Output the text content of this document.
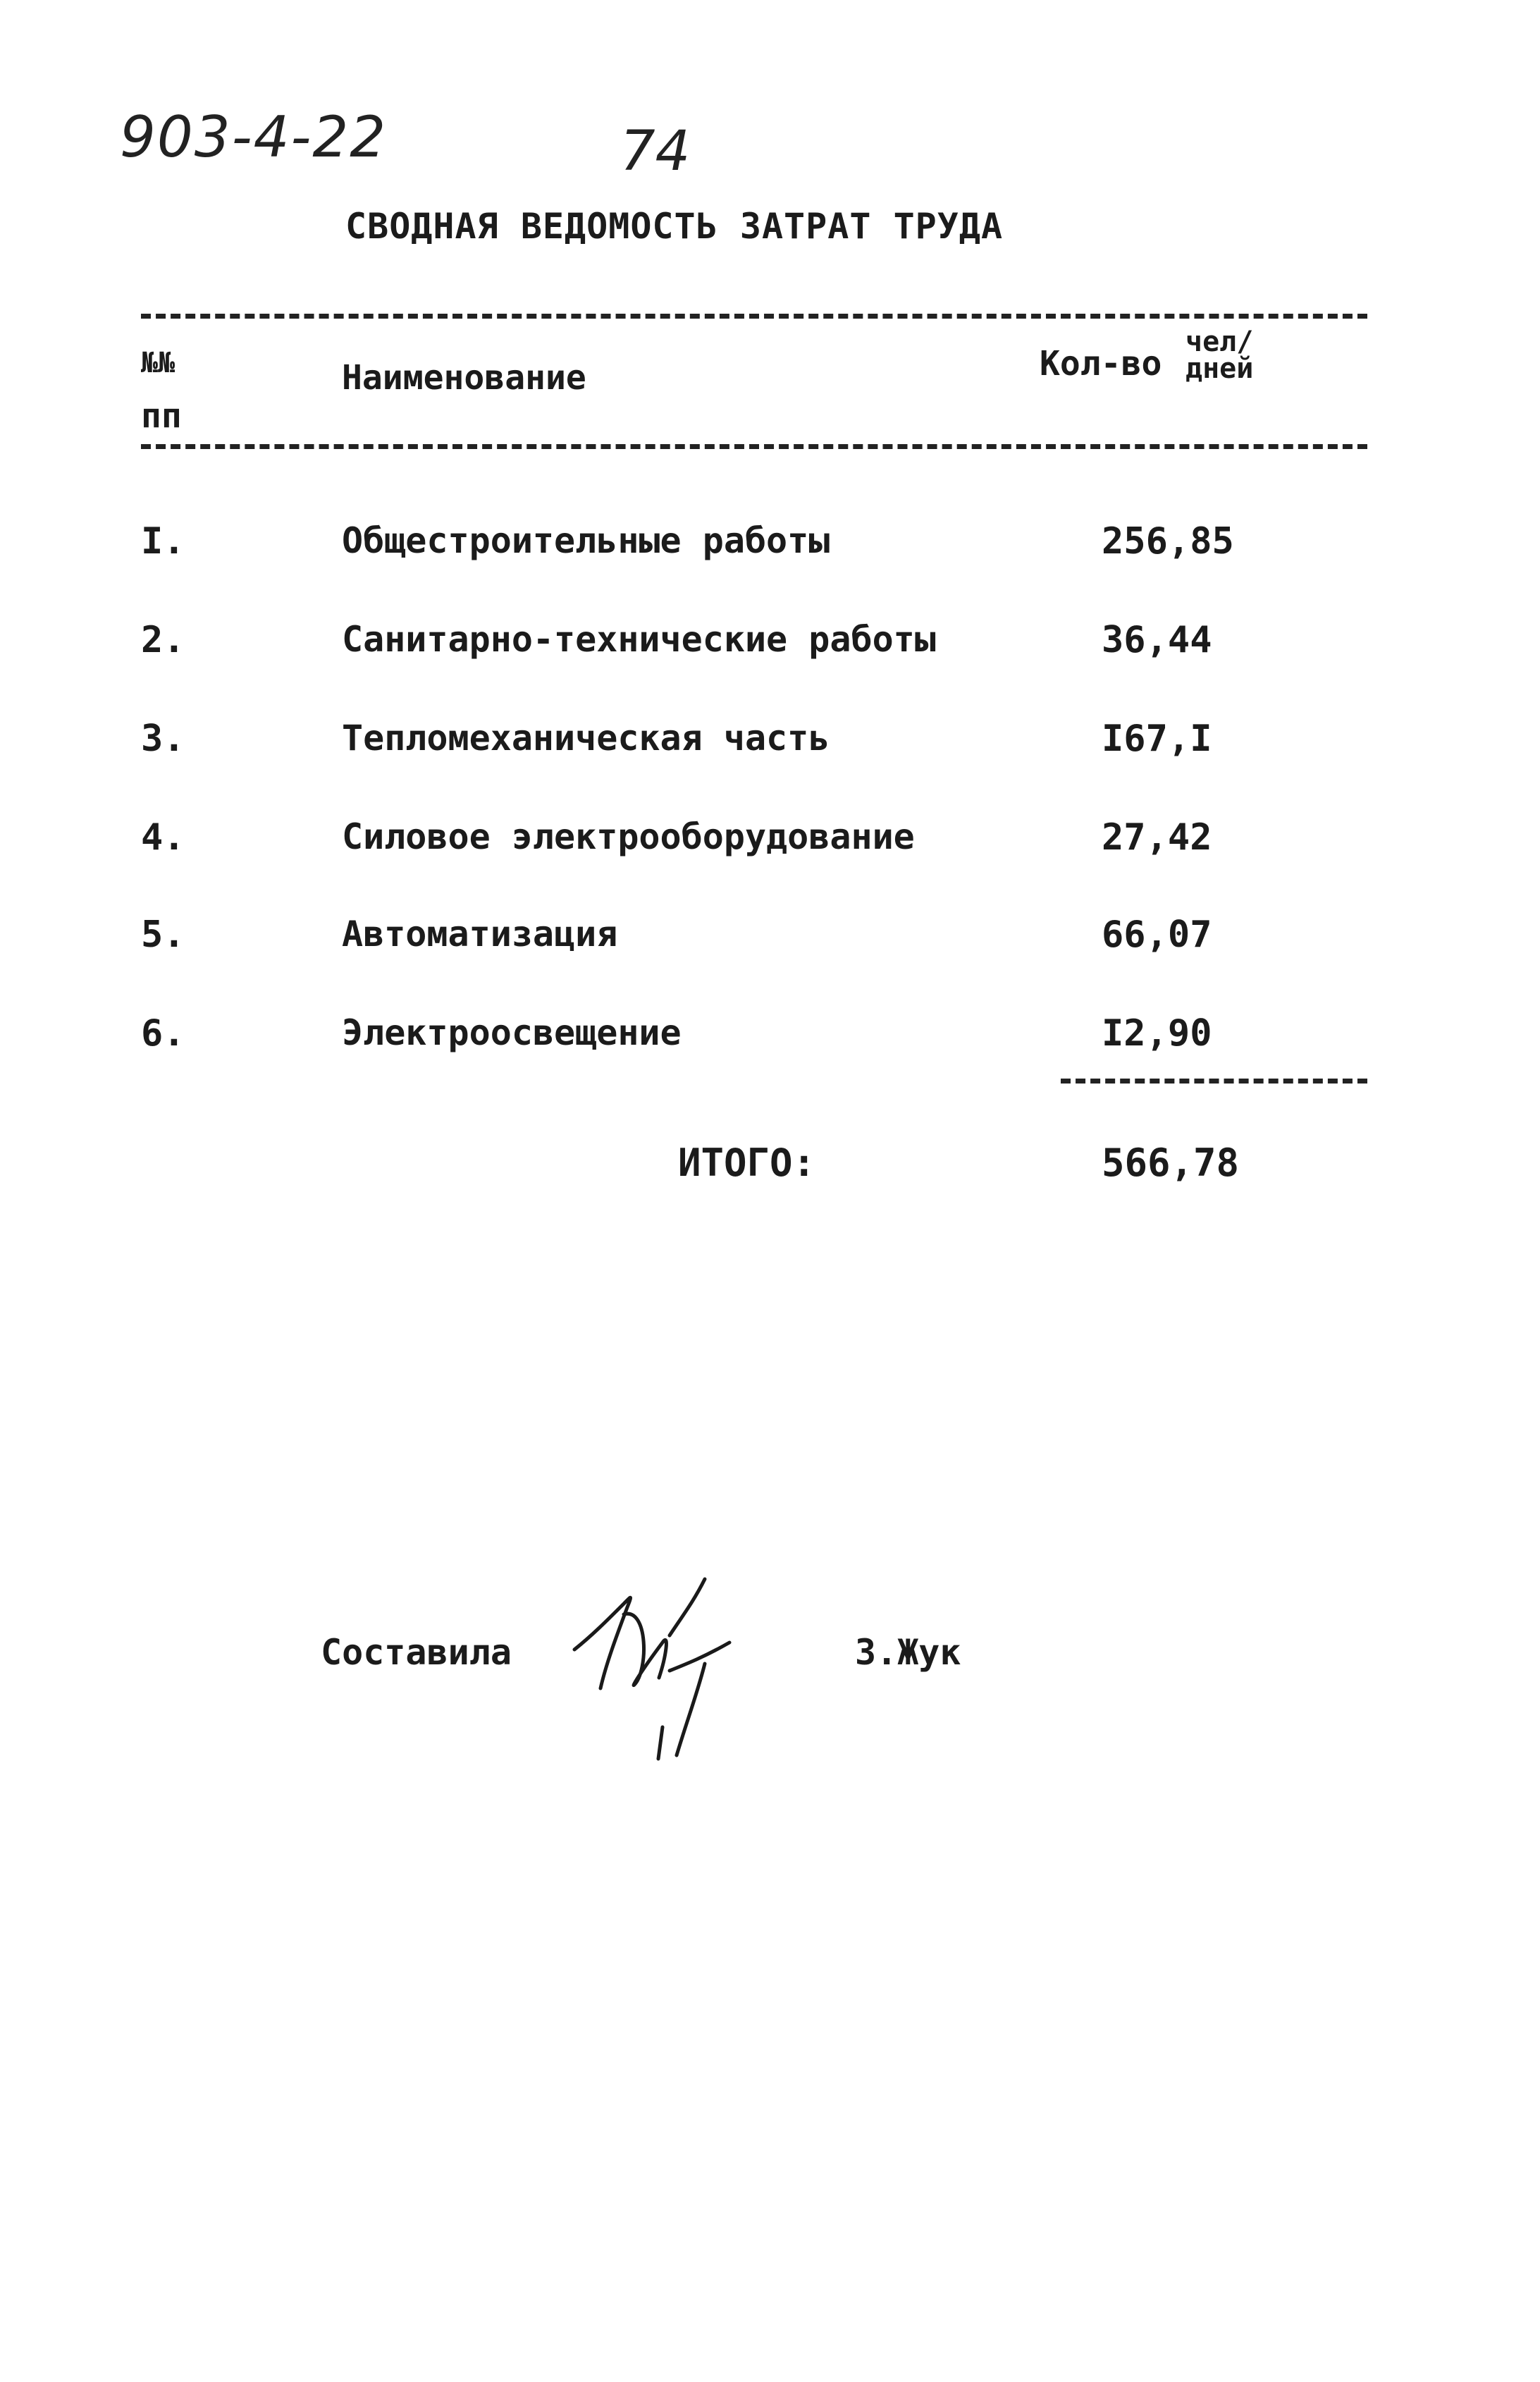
903-4-22	74
СВОДНАЯ ВЕДОМОСТЬ ЗАТРАТ ТРУДА
№№
пп
Наименование	Кол-во
чел/
дней
I.	Общестроительные работы	256,85
2.	Санитарно-технические работы	36,44
3.	Тепломеханическая часть	I67,I
4.	Силовое электрооборудование	27,42
5.	Автоматизация	66,07
6.	Электроосвещение	I2,90
ИТОГО:	566,78
Составила	З.Жук
